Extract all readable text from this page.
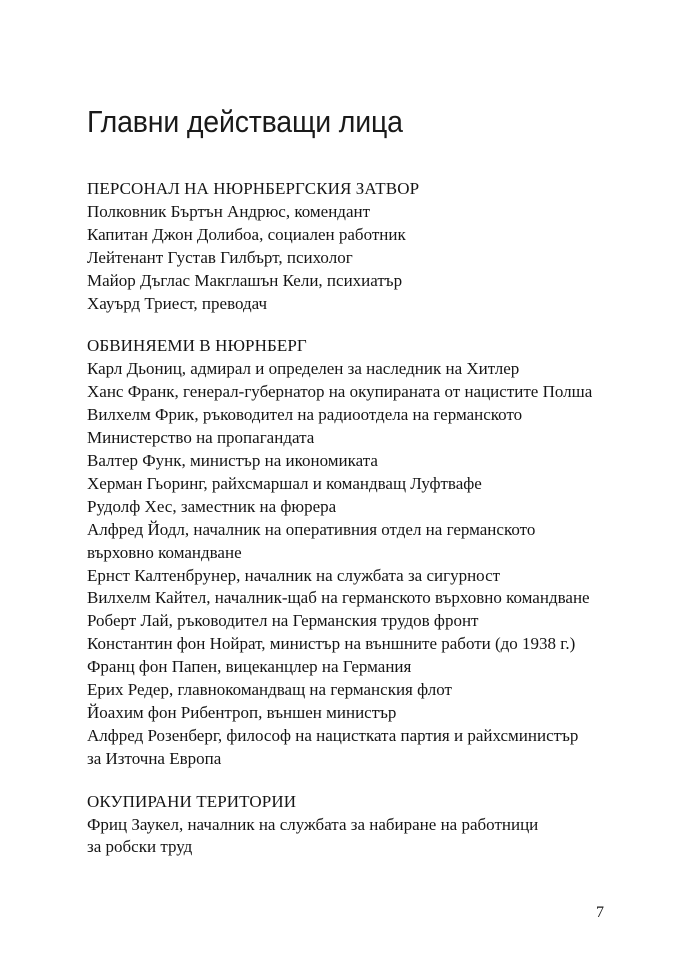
Главни действащи лица

ПЕРСОНАЛ НА НЮРНБЕРГСКИЯ ЗАТВОР

Полковник Бъртън Андрюс, комендант

Капитан Джон Долибоа, социален работник

Лейтенант Густав Гилбърт, психолог

Майор Дъглас Макглашън Кели, психиатър

Хауърд Триест, преводач

ОБВИНЯЕМИ В НЮРНБЕРГ

Карл Дьониц, адмирал и определен за наследник на Хитлер

Ханс Франк, генерал-губернатор на окупираната от нацистите Полша

Вилхелм Фрик, ръководител на радиоотдела на германското

Министерство на пропагандата

Валтер Функ, министър на икономиката

Херман Гьоринг, райхсмаршал и командващ Луфтвафе

Рудолф Хес, заместник на фюрера

Алфред Йодл, началник на оперативния отдел на германското

върховно командване

Ернст Калтенбрунер, началник на службата за сигурност

Вилхелм Кайтел, началник-щаб на германското върховно командване

Роберт Лай, ръководител на Германския трудов фронт

Константин фон Нойрат, министър на външните работи (до 1938 г.)

Франц фон Папен, вицеканцлер на Германия

Ерих Редер, главнокомандващ на германския флот

Йоахим фон Рибентроп, външен министър

Алфред Розенберг, философ на нацистката партия и райхсминистър

за Източна Европа

ОКУПИРАНИ ТЕРИТОРИИ

Фриц Заукел, началник на службата за набиране на работници

за робски труд

7
